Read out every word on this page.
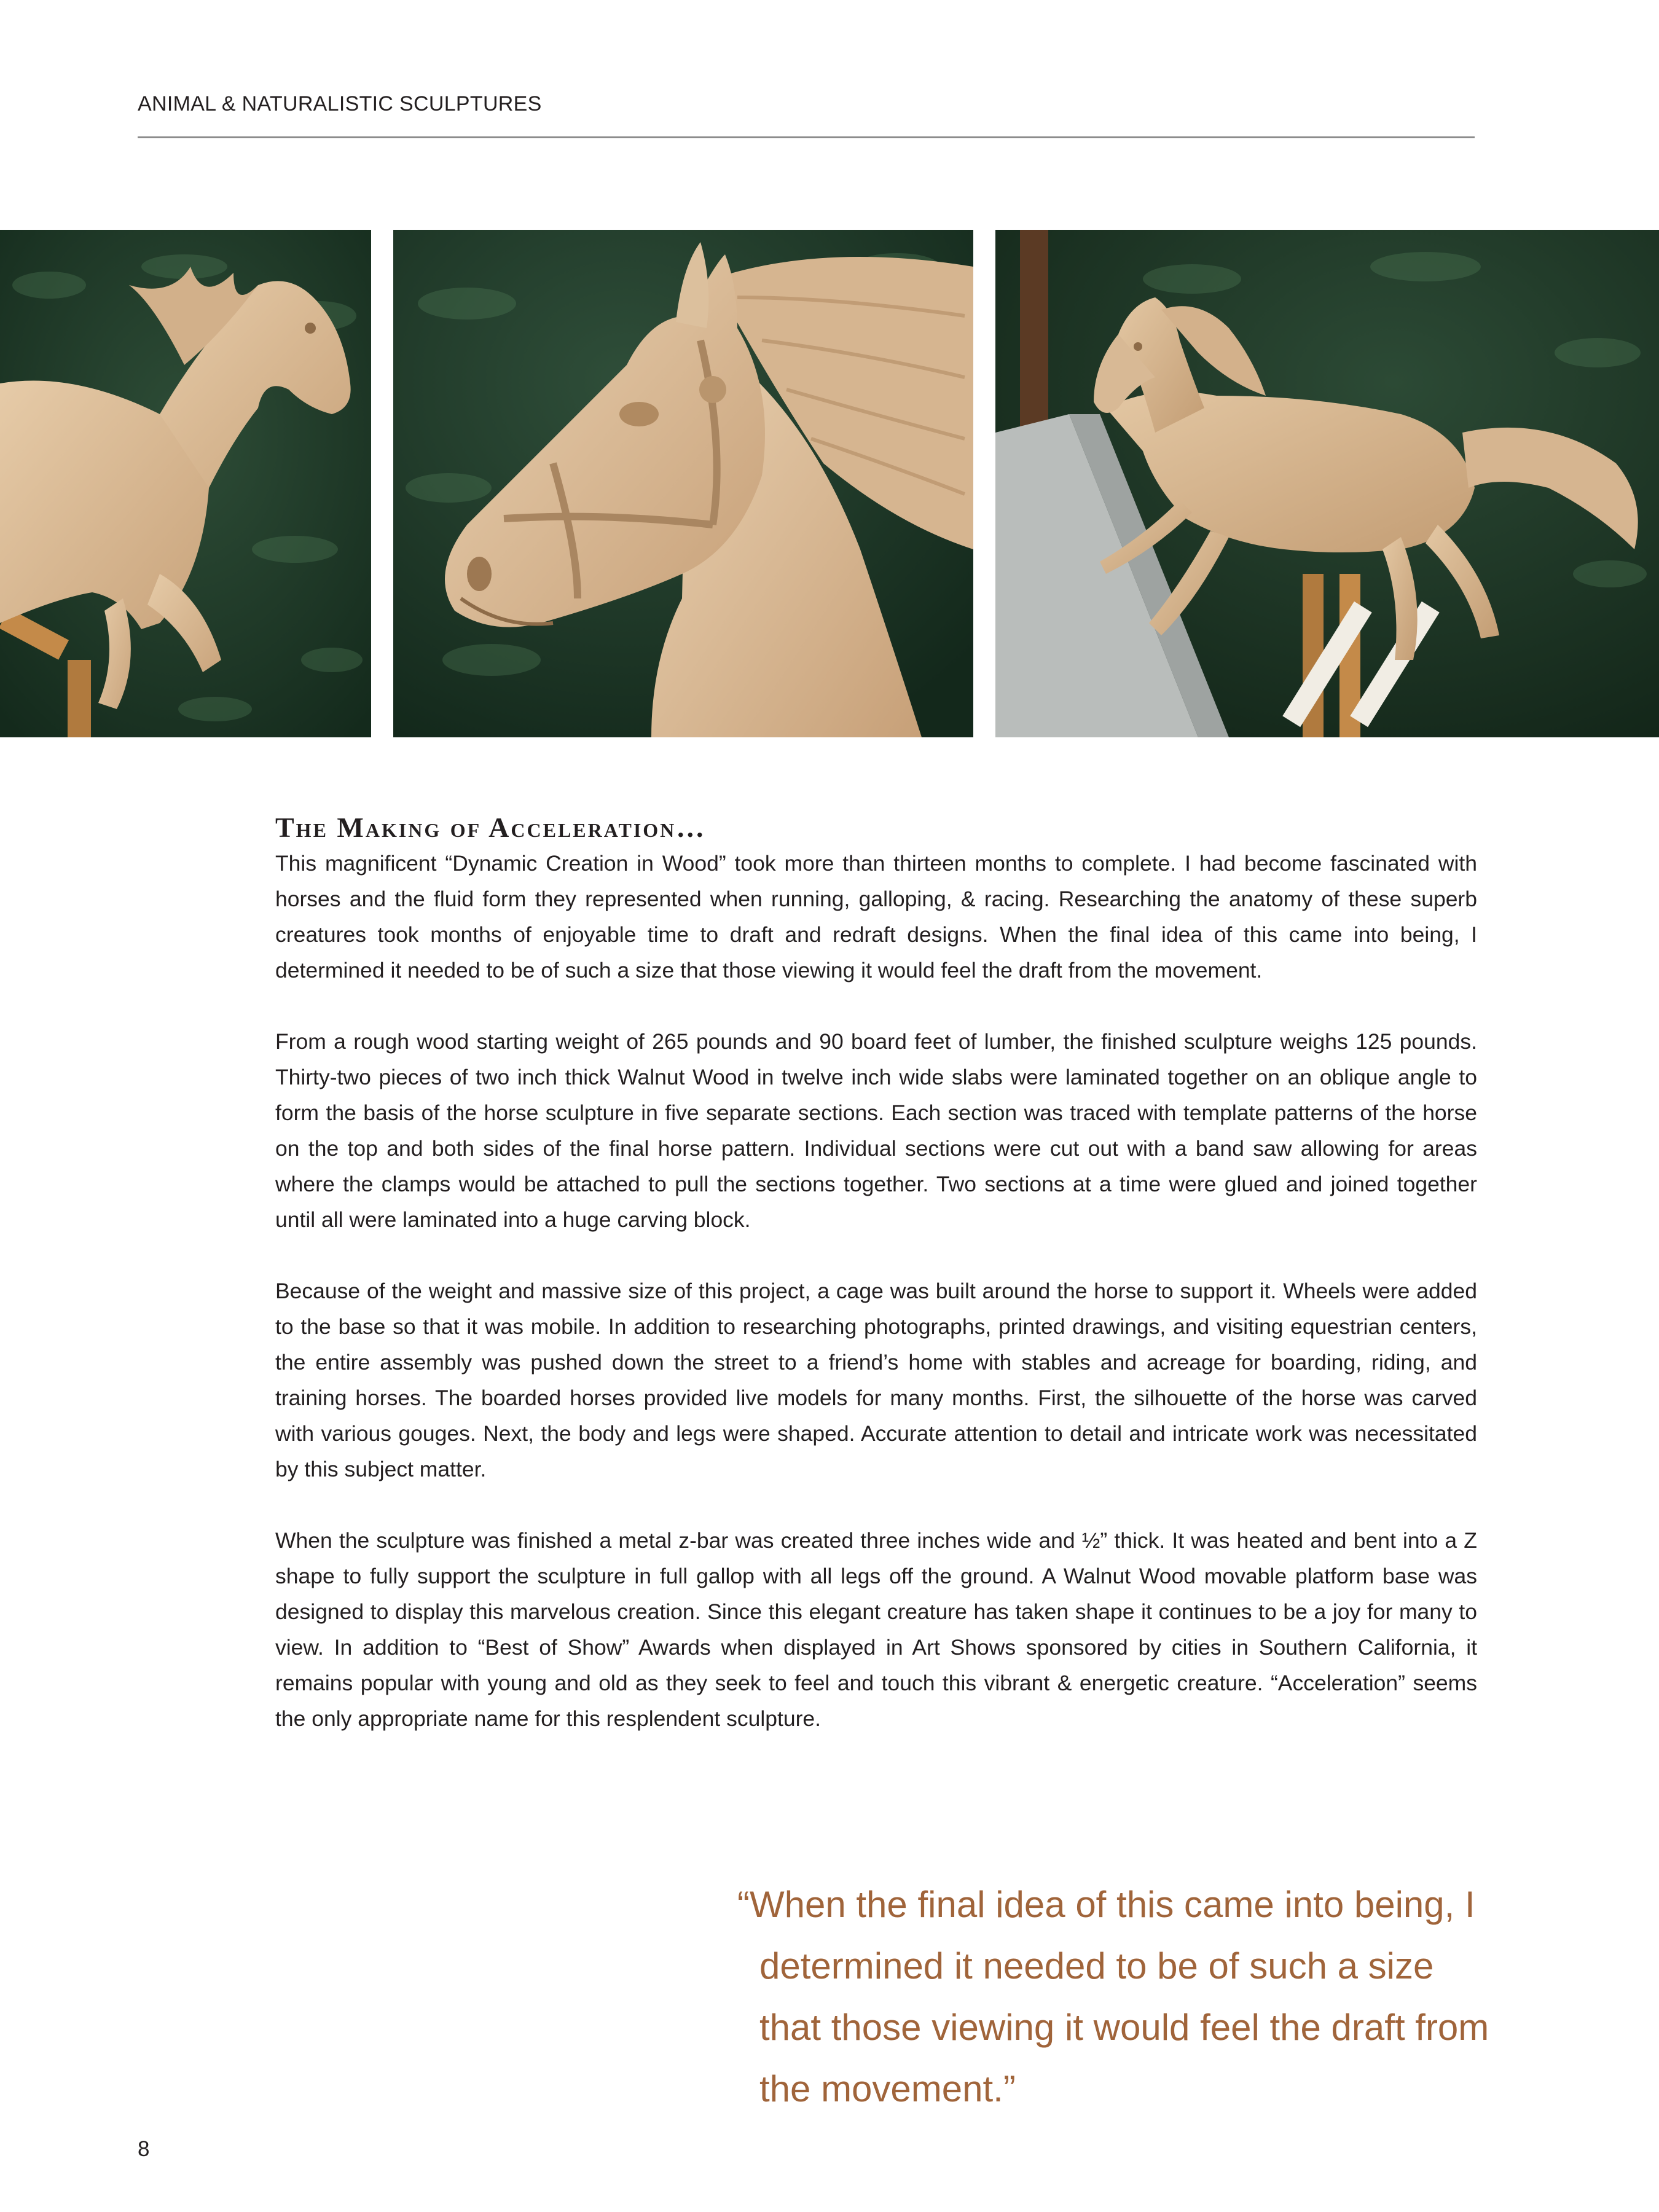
ANIMAL & NATURALISTIC SCULPTURES
The Making of Acceleration…

This magnificent “Dynamic Creation in Wood” took more than thirteen months to complete. I had become fascinated with horses and the fluid form they represented when running, galloping, & racing. Researching the anatomy of these superb creatures took months of enjoyable time to draft and redraft designs. When the final idea of this came into being, I determined it needed to be of such a size that those viewing it would feel the draft from the movement.

From a rough wood starting weight of 265 pounds and 90 board feet of lumber, the finished sculpture weighs 125 pounds. Thirty-two pieces of two inch thick Walnut Wood in twelve inch wide slabs were laminated together on an oblique angle to form the basis of the horse sculpture in five separate sections. Each section was traced with template patterns of the horse on the top and both sides of the final horse pattern. Individual sections were cut out with a band saw allowing for areas where the clamps would be attached to pull the sections together. Two sections at a time were glued and joined together until all were laminated into a huge carving block.

Because of the weight and massive size of this project, a cage was built around the horse to support it. Wheels were added to the base so that it was mobile. In addition to researching photographs, printed drawings, and visiting equestrian centers, the entire assembly was pushed down the street to a friend’s home with stables and acreage for boarding, riding, and training horses. The boarded horses provided live models for many months. First, the silhouette of the horse was carved with various gouges. Next, the body and legs were shaped. Accurate attention to detail and intricate work was necessitated by this subject matter.

When the sculpture was finished a metal z-bar was created three inches wide and ½” thick. It was heated and bent into a Z shape to fully support the sculpture in full gallop with all legs off the ground. A Walnut Wood movable platform base was designed to display this marvelous creation. Since this elegant creature has taken shape it continues to be a joy for many to view. In addition to “Best of Show” Awards when displayed in Art Shows sponsored by cities in Southern California, it remains popular with young and old as they seek to feel and touch this vibrant & energetic creature. “Acceleration” seems the only appropriate name for this resplendent sculpture.

“When the final idea of this came into being, I determined it needed to be of such a size that those viewing it would feel the draft from the movement.”

8
